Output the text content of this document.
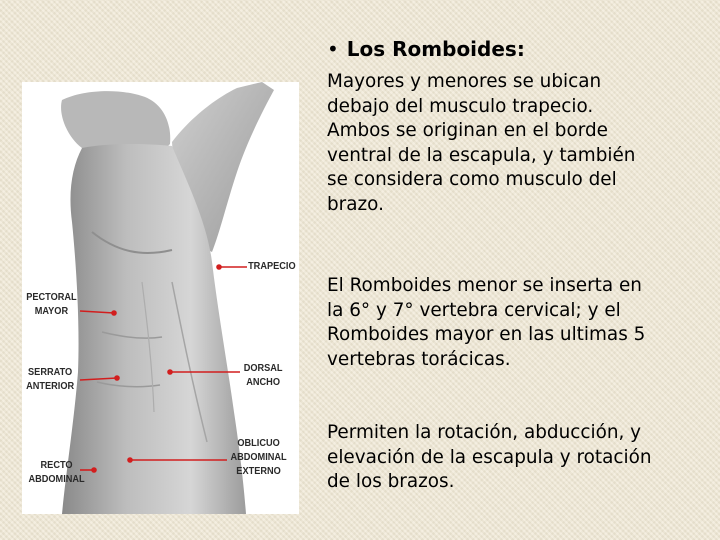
TRAPECIO
PECTORAL
MAYOR
SERRATO
ANTERIOR
DORSAL
ANCHO
OBLICUO
ABDOMINAL
EXTERNO
RECTO
ABDOMINAL
• Los Romboides:

Mayores y menores se ubican
debajo del musculo trapecio.
Ambos se originan en el borde
ventral de la escapula, y también
se considera como musculo del
brazo.

El Romboides menor se inserta en
la 6° y 7° vertebra cervical; y el
Romboides mayor en las ultimas 5
vertebras torácicas.

Permiten la rotación, abducción, y
elevación de la escapula y rotación
de los brazos.
